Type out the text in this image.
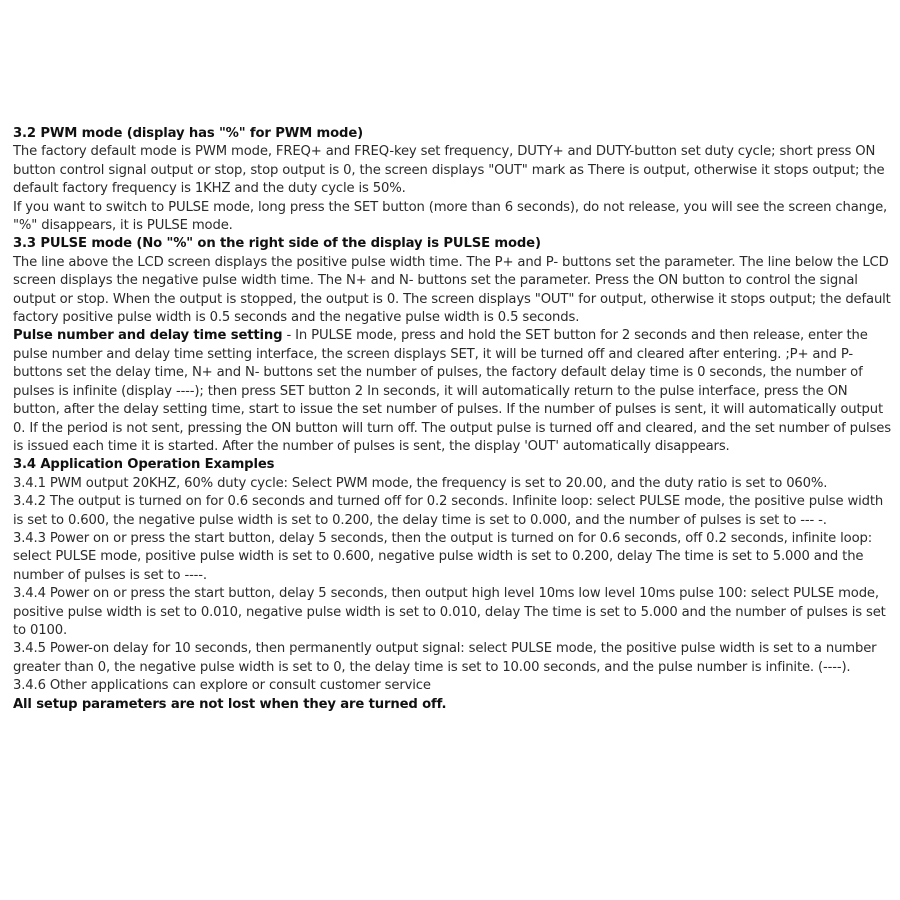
3.2 PWM mode (display has "%" for PWM mode)

The factory default mode is PWM mode, FREQ+ and FREQ-key set frequency, DUTY+ and DUTY-button set duty cycle; short press ON button control signal output or stop, stop output is 0, the screen displays "OUT" mark as There is output, otherwise it stops output; the default factory frequency is 1KHZ and the duty cycle is 50%.

If you want to switch to PULSE mode, long press the SET button (more than 6 seconds), do not release, you will see the screen change, "%" disappears, it is PULSE mode.

3.3 PULSE mode (No "%" on the right side of the display is PULSE mode)

The line above the LCD screen displays the positive pulse width time. The P+ and P- buttons set the parameter. The line below the LCD screen displays the negative pulse width time. The N+ and N- buttons set the parameter. Press the ON button to control the signal output or stop. When the output is stopped, the output is 0. The screen displays "OUT" for output, otherwise it stops output; the default factory positive pulse width is 0.5 seconds and the negative pulse width is 0.5 seconds.

Pulse number and delay time setting - In PULSE mode, press and hold the SET button for 2 seconds and then release, enter the pulse number and delay time setting interface, the screen displays SET, it will be turned off and cleared after entering. ;P+ and P- buttons set the delay time, N+ and N- buttons set the number of pulses, the factory default delay time is 0 seconds, the number of pulses is infinite (display ----); then press SET button 2 In seconds, it will automatically return to the pulse interface, press the ON button, after the delay setting time, start to issue the set number of pulses. If the number of pulses is sent, it will automatically output 0. If the period is not sent, pressing the ON button will turn off. The output pulse is turned off and cleared, and the set number of pulses is issued each time it is started. After the number of pulses is sent, the display 'OUT' automatically disappears.

3.4 Application Operation Examples

3.4.1 PWM output 20KHZ, 60% duty cycle: Select PWM mode, the frequency is set to 20.00, and the duty ratio is set to 060%.

3.4.2 The output is turned on for 0.6 seconds and turned off for 0.2 seconds. Infinite loop: select PULSE mode, the positive pulse width is set to 0.600, the negative pulse width is set to 0.200, the delay time is set to 0.000, and the number of pulses is set to --- -.

3.4.3 Power on or press the start button, delay 5 seconds, then the output is turned on for 0.6 seconds, off 0.2 seconds, infinite loop: select PULSE mode, positive pulse width is set to 0.600, negative pulse width is set to 0.200, delay The time is set to 5.000 and the number of pulses is set to ----.

3.4.4 Power on or press the start button, delay 5 seconds, then output high level 10ms low level 10ms pulse 100: select PULSE mode, positive pulse width is set to 0.010, negative pulse width is set to 0.010, delay The time is set to 5.000 and the number of pulses is set to 0100.

3.4.5 Power-on delay for 10 seconds, then permanently output signal: select PULSE mode, the positive pulse width is set to a number greater than 0, the negative pulse width is set to 0, the delay time is set to 10.00 seconds, and the pulse number is infinite. (----).

3.4.6 Other applications can explore or consult customer service

All setup parameters are not lost when they are turned off.
